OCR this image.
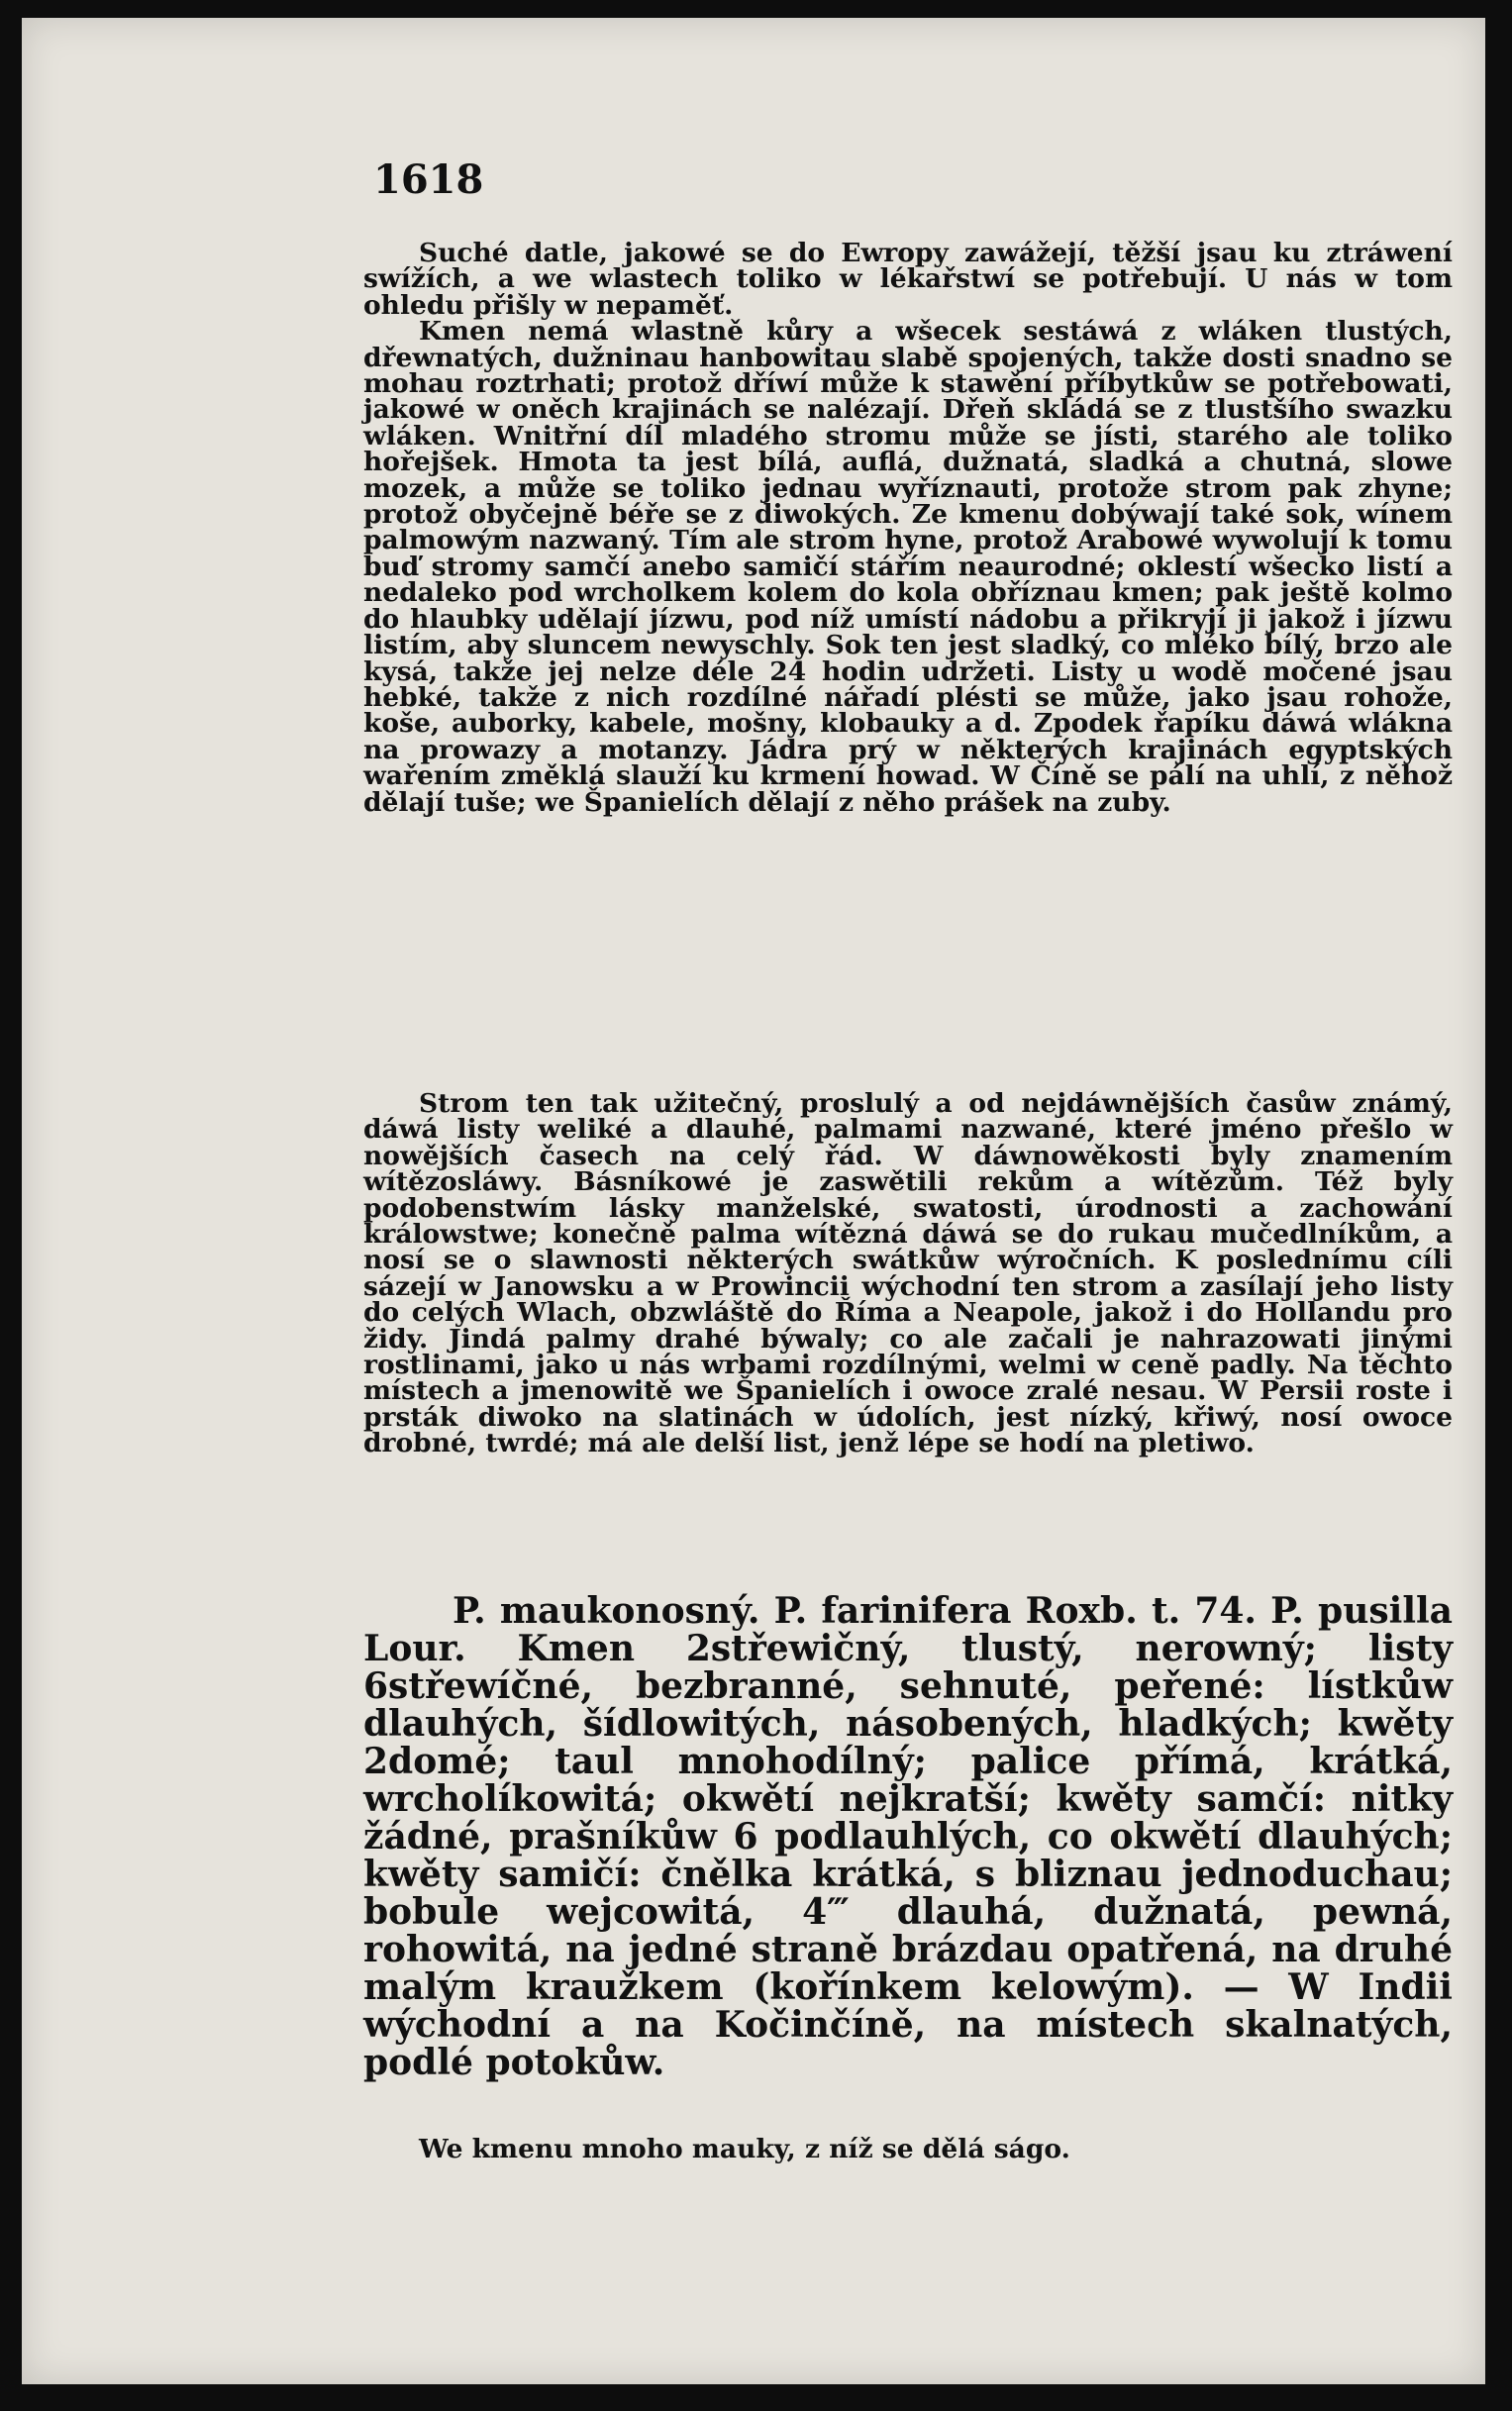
1618

Suché datle, jakowé se do Ewropy zawážejí, těžší jsau ku ztráwení swížích, a we wlastech toliko w lékařstwí se potřebují. U nás w tom ohledu přišly w nepaměť.

Kmen nemá wlastně kůry a wšecek sestáwá z wláken tlustých, dřewnatých, dužninau hanbowitau slabě spojených, takže dosti snadno se mohau roztrhati; protož dříwí může k stawění příbytkůw se potřebowati, jakowé w oněch krajinách se nalézají. Dřeň skládá se z tlustšího swazku wláken. Wnitřní díl mladého stromu může se jísti, starého ale toliko hořejšek. Hmota ta jest bílá, auflá, dužnatá, sladká a chutná, slowe mozek, a může se toliko jednau wyříznauti, protože strom pak zhyne; protož obyčejně béře se z diwokých. Ze kmenu dobýwají také sok, wínem palmowým nazwaný. Tím ale strom hyne, protož Arabowé wywolují k tomu buď stromy samčí anebo samičí stářím neaurodné; oklestí wšecko listí a nedaleko pod wrcholkem kolem do kola obříznau kmen; pak ještě kolmo do hlaubky udělají jízwu, pod níž umístí nádobu a přikryjí ji jakož i jízwu listím, aby sluncem newyschly. Sok ten jest sladký, co mléko bílý, brzo ale kysá, takže jej nelze déle 24 hodin udržeti. Listy u wodě močené jsau hebké, takže z nich rozdílné nářadí plésti se může, jako jsau rohože, koše, auborky, kabele, mošny, klobauky a d. Zpodek řapíku dáwá wlákna na prowazy a motanzy. Jádra prý w některých krajinách egyptských wařením změklá slauží ku krmení howad. W Číně se pálí na uhlí, z něhož dělají tuše; we Španielích dělají z něho prášek na zuby.

Strom ten tak užitečný, proslulý a od nejdáwnějších časůw známý, dáwá listy weliké a dlauhé, palmami nazwané, které jméno přešlo w nowějších časech na celý řád. W dáwnowěkosti byly znamením wítězosláwy. Básníkowé je zaswětili rekům a wítězům. Též byly podobenstwím lásky manželské, swatosti, úrodnosti a zachowání králowstwe; konečně palma wítězná dáwá se do rukau mučedlníkům, a nosí se o slawnosti některých swátkůw wýročních. K poslednímu cíli sázejí w Janowsku a w Prowincii wýchodní ten strom a zasílají jeho listy do celých Wlach, obzwláště do Říma a Neapole, jakož i do Hollandu pro židy. Jindá palmy drahé býwaly; co ale začali je nahrazowati jinými rostlinami, jako u nás wrbami rozdílnými, welmi w ceně padly. Na těchto místech a jmenowitě we Španielích i owoce zralé nesau. W Persii roste i prsták diwoko na slatinách w údolích, jest nízký, křiwý, nosí owoce drobné, twrdé; má ale delší list, jenž lépe se hodí na pletiwo.

P. maukonosný. P. farinifera Roxb. t. 74. P. pusilla Lour. Kmen 2střewičný, tlustý, nerowný; listy 6střewíčné, bezbranné, sehnuté, peřené: lístkůw dlauhých, šídlowitých, násobených, hladkých; kwěty 2domé; taul mnohodílný; palice přímá, krátká, wrcholíkowitá; okwětí nejkratší; kwěty samčí: nitky žádné, prašníkůw 6 podlauhlých, co okwětí dlauhých; kwěty samičí: čnělka krátká, s bliznau jednoduchau; bobule wejcowitá, 4‴ dlauhá, dužnatá, pewná, rohowitá, na jedné straně brázdau opatřená, na druhé malým kraužkem (kořínkem kelowým). — W Indii wýchodní a na Kočinčíně, na místech skalnatých, podlé potokůw.

We kmenu mnoho mauky, z níž se dělá ságo.
